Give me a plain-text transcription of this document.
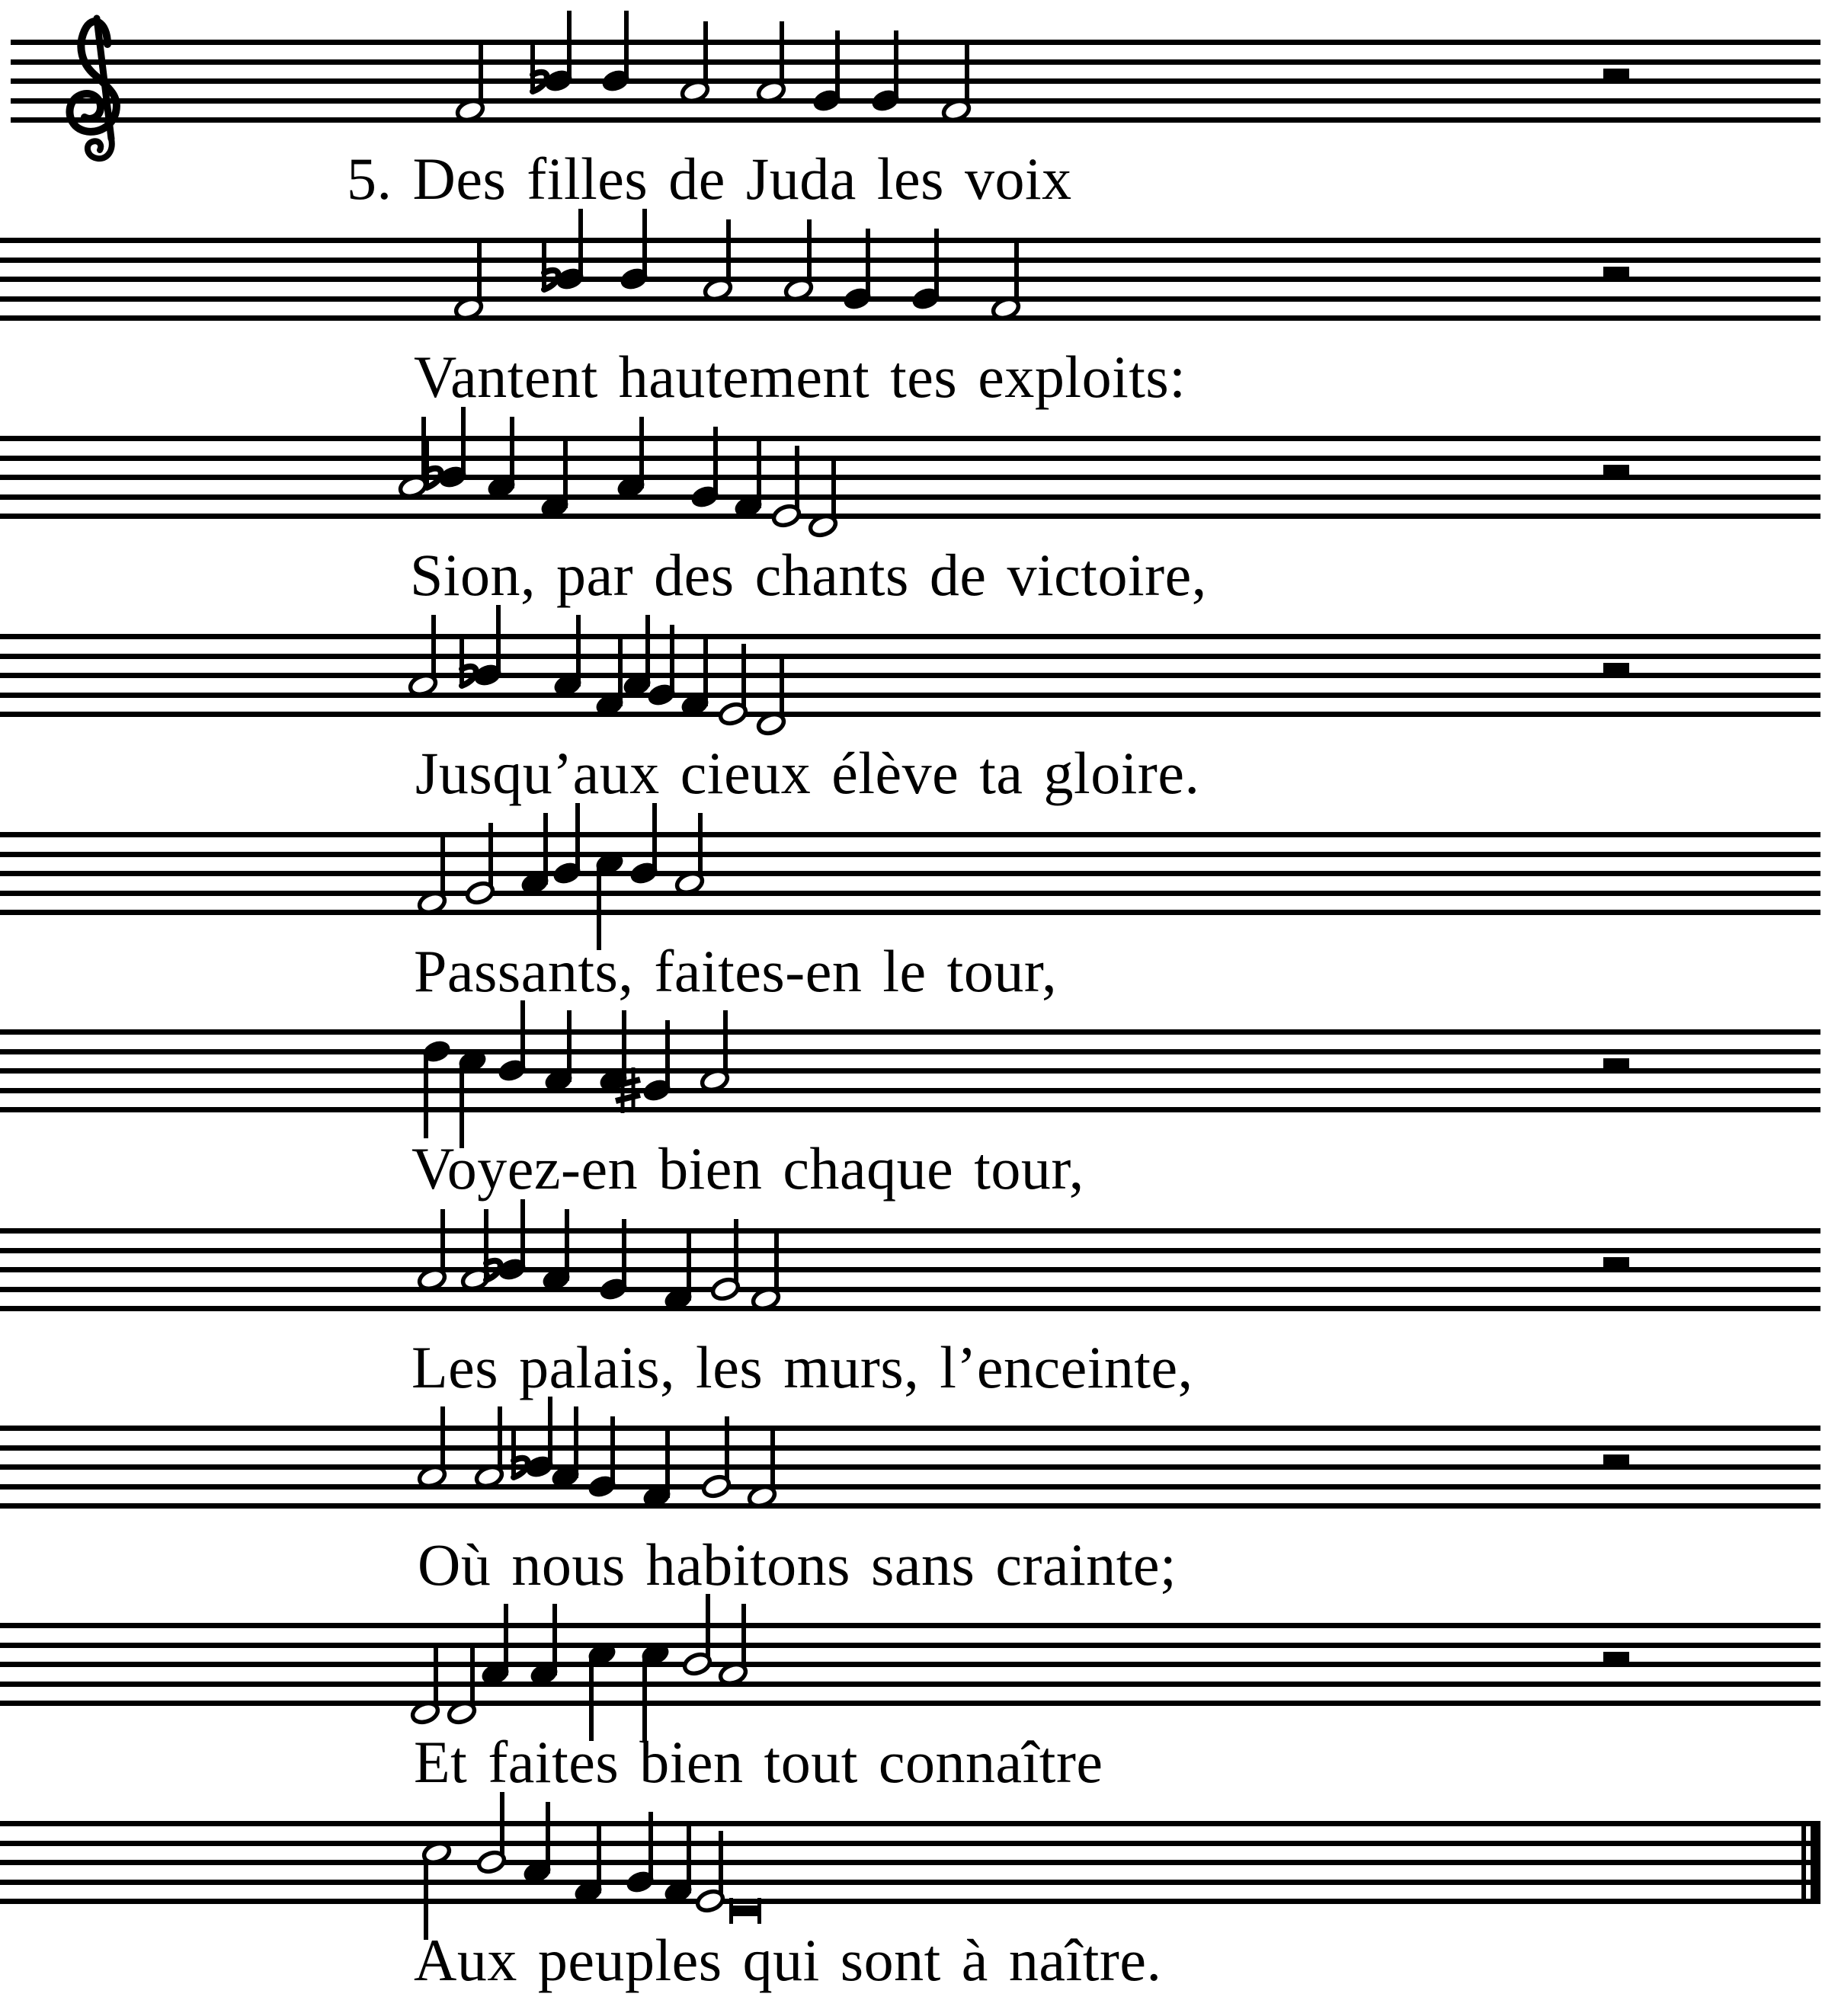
5. Des filles de Juda les voix
Vantent hautement tes exploits:
Sion, par des chants de victoire,
Jusqu’aux cieux élève ta gloire.
Passants, faites-en le tour,
Voyez-en bien chaque tour,
Les palais, les murs, l’enceinte,
Où nous habitons sans crainte;
Et faites bien tout connaître
Aux peuples qui sont à naître.
